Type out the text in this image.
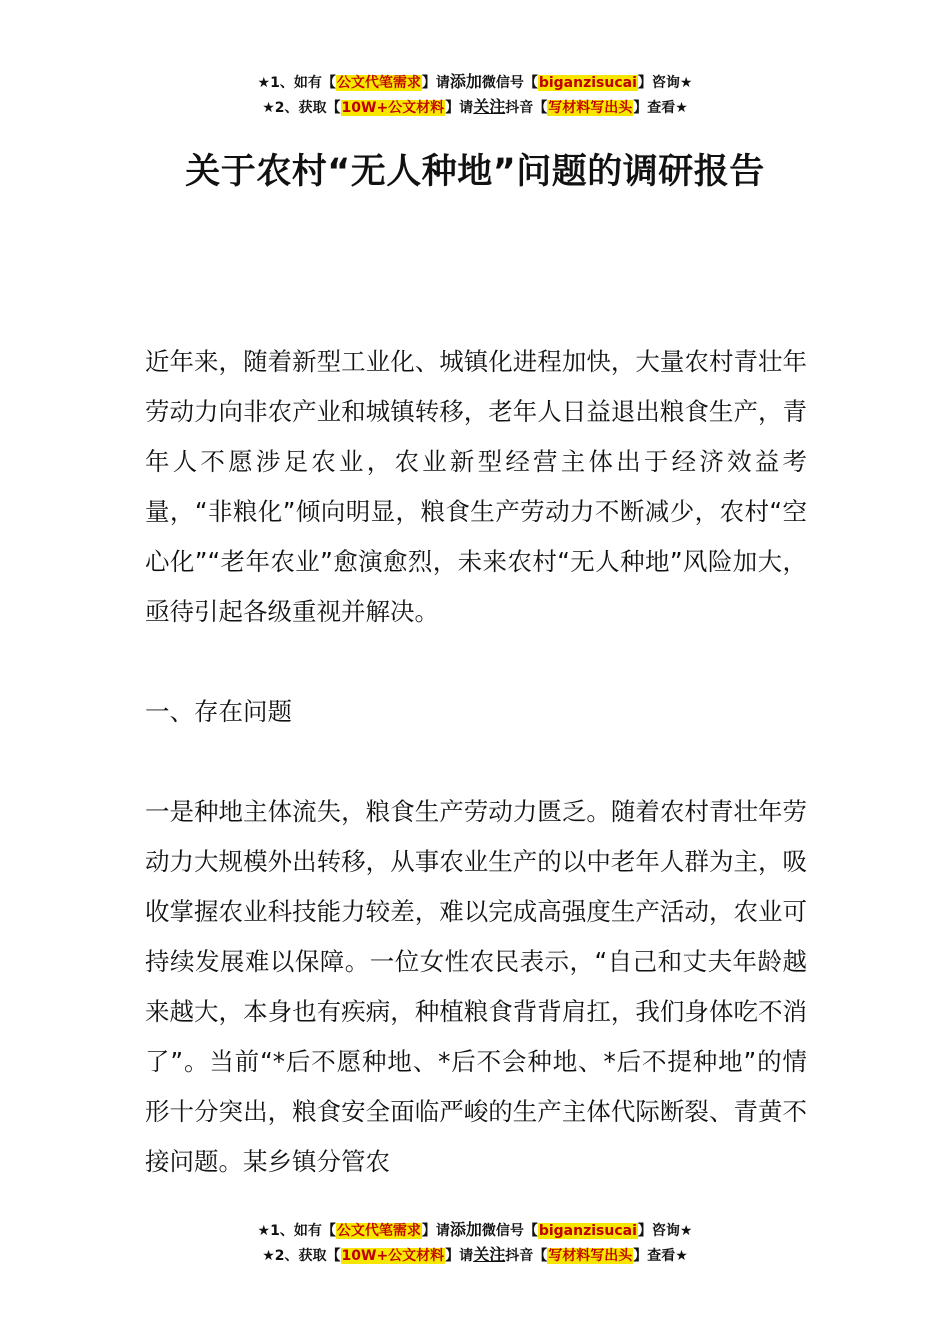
★1、如有【公文代笔需求】请添加微信号【biganzisucai】咨询★
★2、获取【10W+公文材料】请关注抖音【写材料写出头】查看★
关于农村“无人种地”问题的调研报告

近年来，随着新型工业化、城镇化进程加快，大量农村青壮年劳动力向非农产业和城镇转移，老年人日益退出粮食生产，青年人不愿涉足农业，农业新型经营主体出于经济效益考量，“非粮化”倾向明显，粮食生产劳动力不断减少，农村“空心化”“老年农业”愈演愈烈，未来农村“无人种地”风险加大，亟待引起各级重视并解决。

一、存在问题

一是种地主体流失，粮食生产劳动力匮乏。随着农村青壮年劳动力大规模外出转移，从事农业生产的以中老年人群为主，吸收掌握农业科技能力较差，难以完成高强度生产活动，农业可持续发展难以保障。一位女性农民表示，“自己和丈夫年龄越来越大，本身也有疾病，种植粮食背背肩扛，我们身体吃不消了”。当前“*后不愿种地、*后不会种地、*后不提种地”的情形十分突出，粮食安全面临严峻的生产主体代际断裂、青黄不接问题。某乡镇分管农

★1、如有【公文代笔需求】请添加微信号【biganzisucai】咨询★
★2、获取【10W+公文材料】请关注抖音【写材料写出头】查看★
